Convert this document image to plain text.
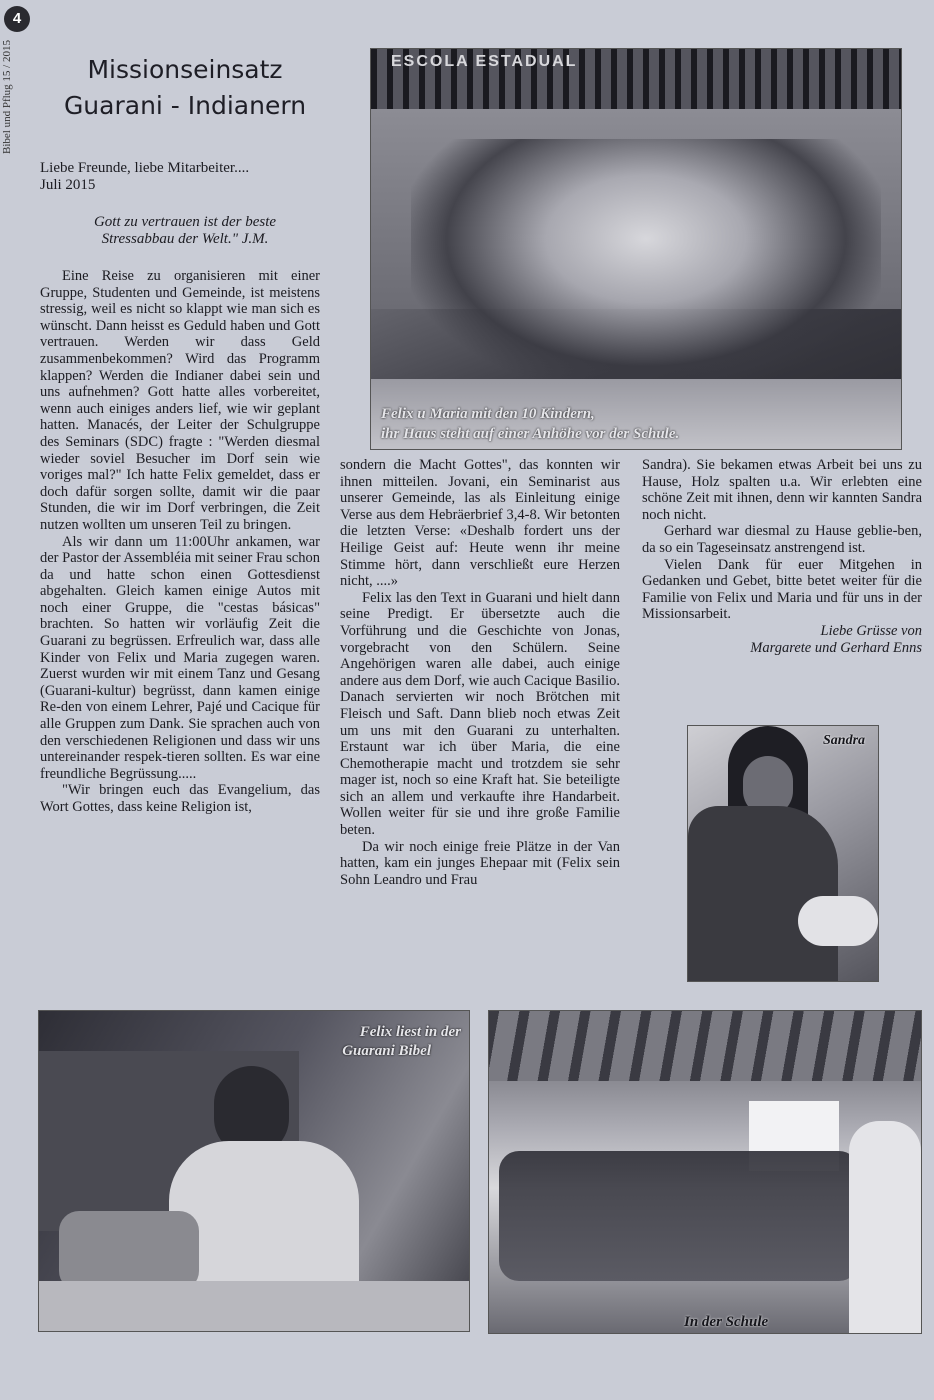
4
Bibel und Pflug 15 / 2015	Missionseinsatz
Guarani - Indianern
Liebe Freunde, liebe Mitarbeiter....
Juli 2015
Gott zu vertrauen ist der beste
Stressabbau der Welt." J.M.

Eine Reise zu organisieren mit einer Gruppe, Studenten und Gemeinde, ist meistens stressig, weil es nicht so klappt wie man sich es wünscht. Dann heisst es Geduld haben und Gott vertrauen. Werden wir dass Geld zusammenbekommen? Wird das Programm klappen? Werden die Indianer dabei sein und uns aufnehmen? Gott hatte alles vorbereitet, wenn auch einiges anders lief, wie wir geplant hatten. Manacés, der Leiter der Schulgruppe des Seminars (SDC) fragte : "Werden diesmal wieder soviel Besucher im Dorf sein wie voriges mal?" Ich hatte Felix gemeldet, dass er doch dafür sorgen sollte, damit wir die paar Stunden, die wir im Dorf verbringen, die Zeit nutzen wollten um unseren Teil zu bringen.

Als wir dann um 11:00Uhr ankamen, war der Pastor der Assembléia mit seiner Frau schon da und hatte schon einen Gottesdienst abgehalten. Gleich kamen einige Autos mit noch einer Gruppe, die "cestas básicas" brachten. So hatten wir vorläufig Zeit die Guarani zu begrüssen. Erfreulich war, dass alle Kinder von Felix und Maria zugegen waren. Zuerst wurden wir mit einem Tanz und Gesang (Guarani-kultur) begrüsst, dann kamen einige Re-den von einem Lehrer, Pajé und Cacique für alle Gruppen zum Dank. Sie sprachen auch von den verschiedenen Religionen und dass wir uns untereinander respek-tieren sollten. Es war eine freundliche Begrüssung.....

"Wir bringen euch das Evangelium, das Wort Gottes, dass keine Religion ist,

sondern die Macht Gottes", das konnten wir ihnen mitteilen. Jovani, ein Seminarist aus unserer Gemeinde, las als Einleitung einige Verse aus dem Hebräerbrief 3,4-8. Wir betonten die letzten Verse: «Deshalb fordert uns der Heilige Geist auf: Heute wenn ihr meine Stimme hört, dann verschließt eure Herzen nicht, ....»

Felix las den Text in Guarani und hielt dann seine Predigt. Er übersetzte auch die Vorführung und die Geschichte von Jonas, vorgebracht von den Schülern. Seine Angehörigen waren alle dabei, auch einige andere aus dem Dorf, wie auch Cacique Basilio. Danach servierten wir noch Brötchen mit Fleisch und Saft. Dann blieb noch etwas Zeit um uns mit den Guarani zu unterhalten. Erstaunt war ich über Maria, die eine Chemotherapie macht und trotzdem sie sehr mager ist, noch so eine Kraft hat. Sie beteiligte sich an allem und verkaufte ihre Handarbeit. Wollen weiter für sie und ihre große Familie beten.

Da wir noch einige freie Plätze in der Van hatten, kam ein junges Ehepaar mit (Felix sein Sohn Leandro und Frau

Sandra). Sie bekamen etwas Arbeit bei uns zu Hause, Holz spalten u.a. Wir erlebten eine schöne Zeit mit ihnen, denn wir kannten Sandra noch nicht.

Gerhard war diesmal zu Hause geblie-ben, da so ein Tageseinsatz anstrengend ist.

Vielen Dank für euer Mitgehen in Gedanken und Gebet, bitte betet weiter für die Familie von Felix und Maria und für uns in der Missionsarbeit.

Liebe Grüsse von

Margarete und Gerhard Enns

ESCOLA ESTADUAL
Felix u Maria mit den 10 Kindern,
ihr Haus steht auf einer Anhöhe vor der Schule.
Sandra
Felix liest in der
Guarani Bibel
In der Schule
